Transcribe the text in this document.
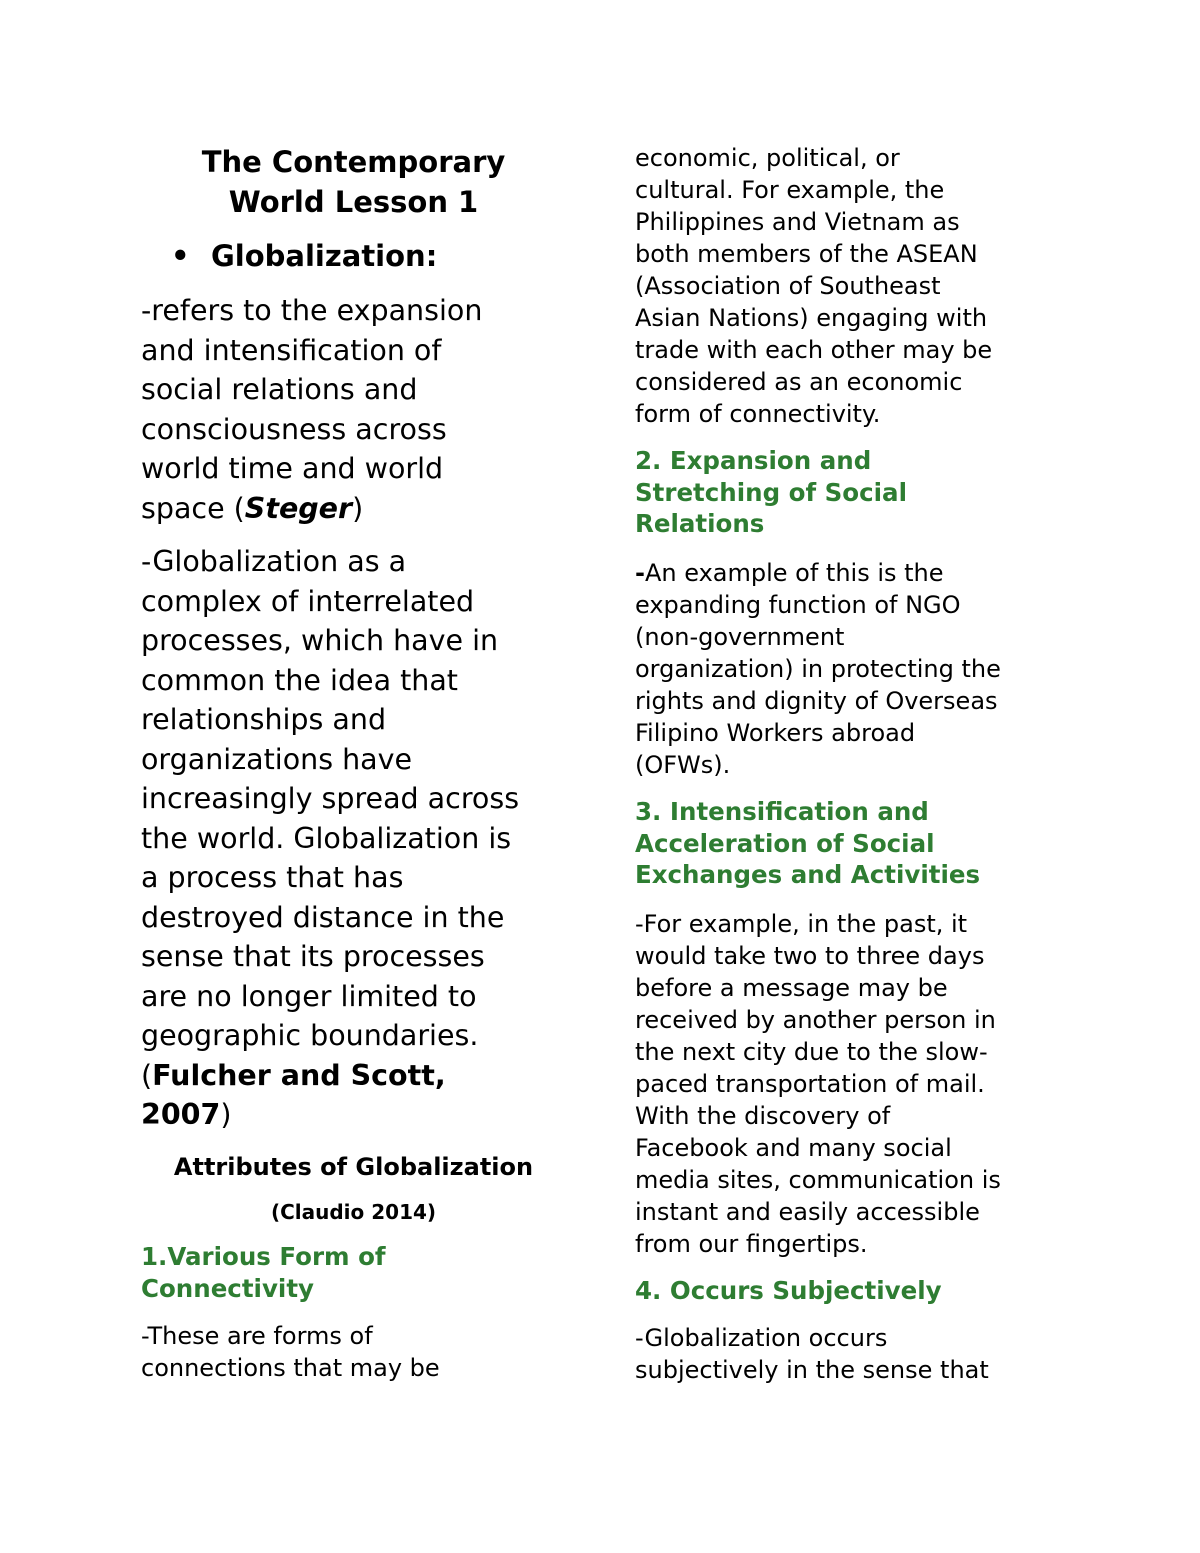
The Contemporary
World Lesson 1
• Globalization:

-refers to the expansion
and intensification of
social relations and
consciousness across
world time and world
space (Steger)

-Globalization as a
complex of interrelated
processes, which have in
common the idea that
relationships and
organizations have
increasingly spread across
the world. Globalization is
a process that has
destroyed distance in the
sense that its processes
are no longer limited to
geographic boundaries.
(Fulcher and Scott,
2007)

Attributes of Globalization
(Claudio 2014)
1.Various Form of
Connectivity

-These are forms of
connections that may be

economic, political, or
cultural. For example, the
Philippines and Vietnam as
both members of the ASEAN
(Association of Southeast
Asian Nations) engaging with
trade with each other may be
considered as an economic
form of connectivity.

2. Expansion and
Stretching of Social
Relations

-An example of this is the
expanding function of NGO
(non-government
organization) in protecting the
rights and dignity of Overseas
Filipino Workers abroad
(OFWs).

3. Intensification and
Acceleration of Social
Exchanges and Activities

-For example, in the past, it
would take two to three days
before a message may be
received by another person in
the next city due to the slow-
paced transportation of mail.
With the discovery of
Facebook and many social
media sites, communication is
instant and easily accessible
from our fingertips.

4. Occurs Subjectively

-Globalization occurs
subjectively in the sense that
